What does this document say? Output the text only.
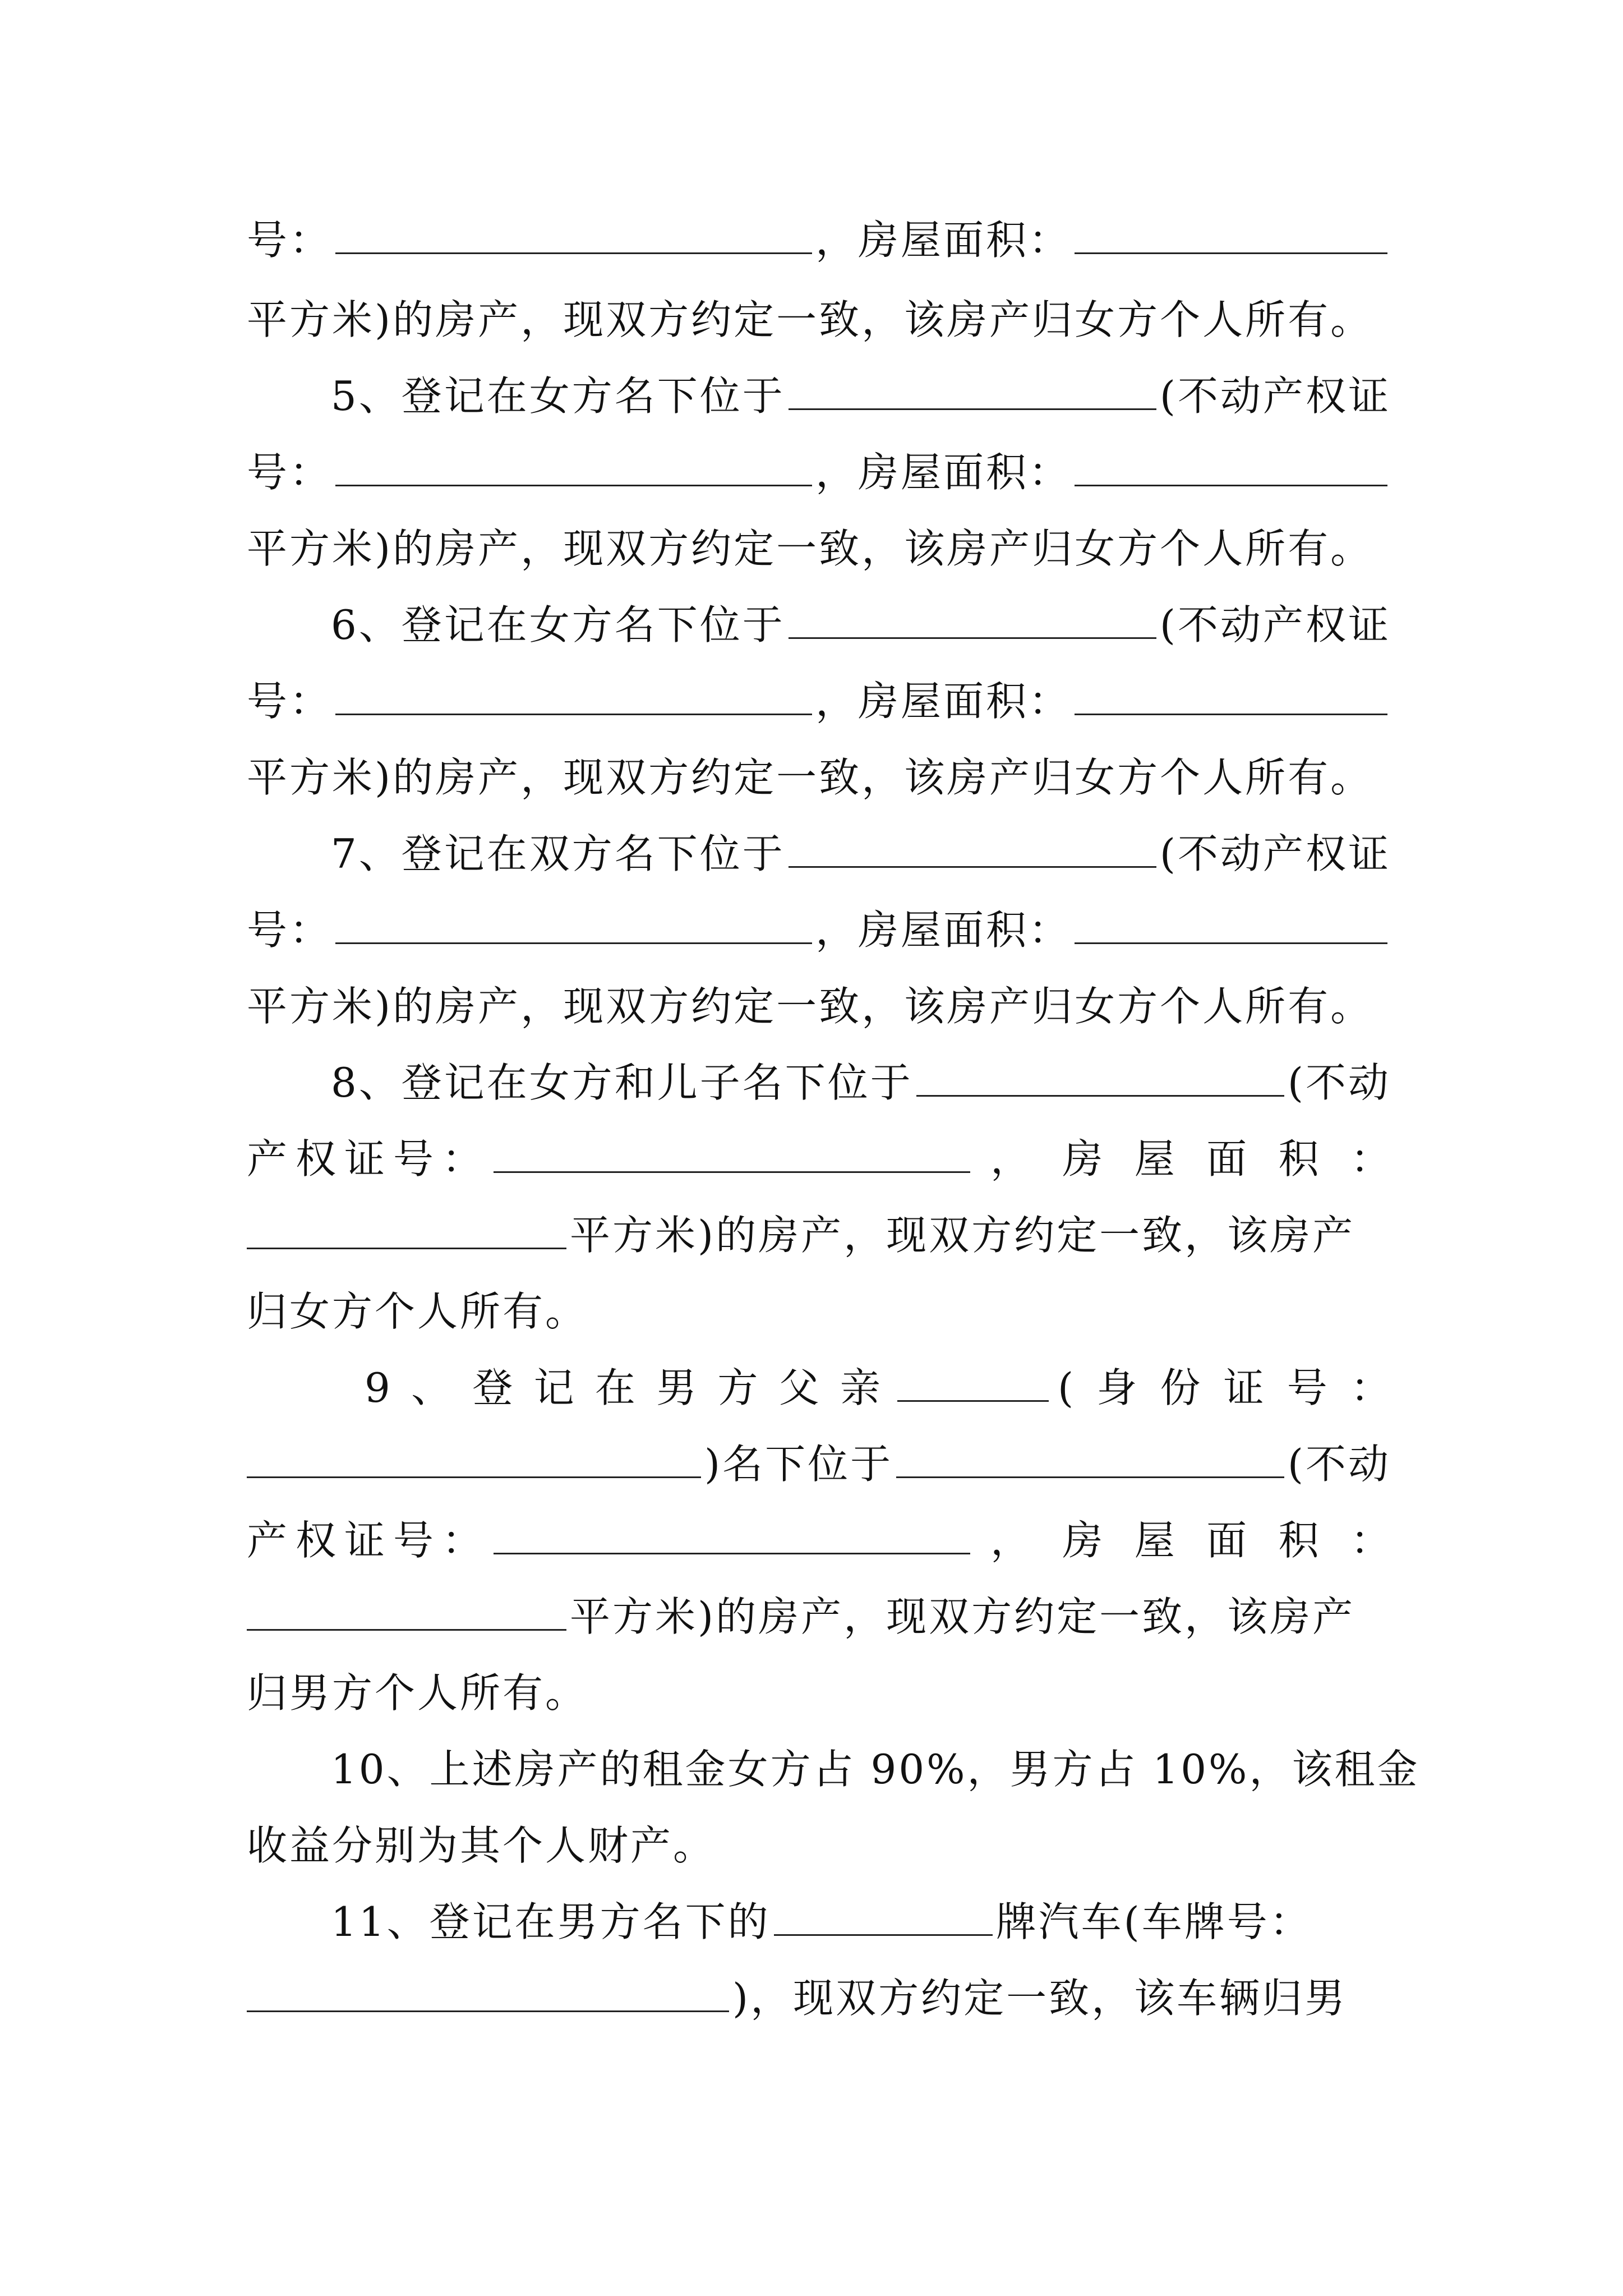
号：	，房屋面积：
平方米)的房产，现双方约定一致，该房产归女方个人所有。
5、登记在女方名下位于	(不动产权证
号：	，房屋面积：
平方米)的房产，现双方约定一致，该房产归女方个人所有。
6、登记在女方名下位于	(不动产权证
号：	，房屋面积：
平方米)的房产，现双方约定一致，该房产归女方个人所有。
7、登记在双方名下位于	(不动产权证
号：	，房屋面积：
平方米)的房产，现双方约定一致，该房产归女方个人所有。
8、登记在女方和儿子名下位于	(不动
产 权 证 号 ：	， 房 屋 面 积 ：
平方米)的房产，现双方约定一致，该房产
归女方个人所有。
9 、 登 记 在 男 方 父 亲	( 身 份 证 号 ：
)名下位于	(不动
产 权 证 号 ：	， 房 屋 面 积 ：
平方米)的房产，现双方约定一致，该房产
归男方个人所有。
10、上述房产的租金女方占 90%，男方占 10%，该租金
收益分别为其个人财产。
11、登记在男方名下的	牌汽车(车牌号：
)，现双方约定一致，该车辆归男
